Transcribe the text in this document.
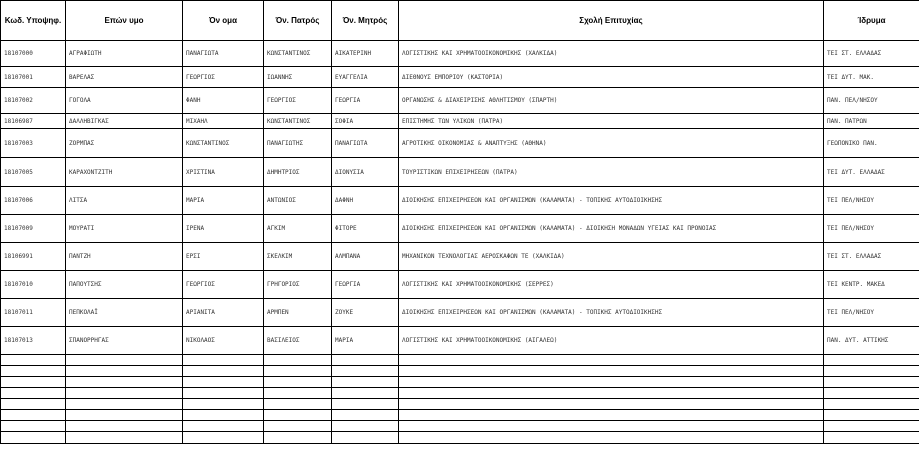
Κωδ. Υποψηφ.	Επών υμο	Όν ομα	Όν. Πατρός	Όν. Μητρός	Σχολή Επιτυχίας	Ίδρυμα
18107000	ΑΓΡΑΦΙΩΤΗ	ΠΑΝΑΓΙΩΤΑ	ΚΩΝΣΤΑΝΤΙΝΟΣ	ΑΙΚΑΤΕΡΙΝΗ	ΛΟΓΙΣΤΙΚΗΣ ΚΑΙ ΧΡΗΜΑΤΟΟΙΚΟΝΟΜΙΚΗΣ (ΧΑΛΚΙΔΑ)	ΤΕΙ ΣΤ. ΕΛΛΑΔΑΣ
18107001	ΒΑΡΕΛΑΣ	ΓΕΩΡΓΙΟΣ	ΙΩΑΝΝΗΣ	ΕΥΑΓΓΕΛΙΑ	ΔΙΕΘΝΟΥΣ ΕΜΠΟΡΙΟΥ (ΚΑΣΤΟΡΙΑ)	ΤΕΙ ΔΥΤ. ΜΑΚ.
18107002	ΓΟΓΟΛΑ	ΦΑΝΗ	ΓΕΩΡΓΙΟΣ	ΓΕΩΡΓΙΑ	ΟΡΓΑΝΩΣΗΣ & ΔΙΑΧΕΙΡΙΣΗΣ ΑΘΛΗΤΙΣΜΟΥ (ΣΠΑΡΤΗ)	ΠΑΝ. ΠΕΛ/ΝΗΣΟΥ
18106987	ΔΑΛΛΗΒΙΓΚΑΣ	ΜΙΧΑΗΛ	ΚΩΝΣΤΑΝΤΙΝΟΣ	ΣΟΦΙΑ	ΕΠΙΣΤΗΜΗΣ ΤΩΝ ΥΛΙΚΩΝ (ΠΑΤΡΑ)	ΠΑΝ. ΠΑΤΡΩΝ
18107003	ΖΟΡΜΠΑΣ	ΚΩΝΣΤΑΝΤΙΝΟΣ	ΠΑΝΑΓΙΩΤΗΣ	ΠΑΝΑΓΙΩΤΑ	ΑΓΡΟΤΙΚΗΣ ΟΙΚΟΝΟΜΙΑΣ & ΑΝΑΠΤΥΞΗΣ (ΑΘΗΝΑ)	ΓΕΩΠΟΝΙΚΟ ΠΑΝ.
18107005	ΚΑΡΑΧΟΝΤΖΙΤΗ	ΧΡΙΣΤΙΝΑ	ΔΗΜΗΤΡΙΟΣ	ΔΙΟΝΥΣΙΑ	ΤΟΥΡΙΣΤΙΚΩΝ ΕΠΙΧΕΙΡΗΣΕΩΝ (ΠΑΤΡΑ)	ΤΕΙ ΔΥΤ. ΕΛΛΑΔΑΣ
18107006	ΛΙΤΣΑ	ΜΑΡΙΑ	ΑΝΤΩΝΙΟΣ	ΔΑΦΝΗ	ΔΙΟΙΚΗΣΗΣ ΕΠΙΧΕΙΡΗΣΕΩΝ ΚΑΙ ΟΡΓΑΝΙΣΜΩΝ (ΚΑΛΑΜΑΤΑ) - ΤΟΠΙΚΗΣ ΑΥΤΟΔΙΟΙΚΗΣΗΣ	ΤΕΙ ΠΕΛ/ΝΗΣΟΥ
18107009	ΜΟΥΡΑΤΙ	ΙΡΕΝΑ	ΑΓΚΙΜ	ΦΙΤΟΡΕ	ΔΙΟΙΚΗΣΗΣ ΕΠΙΧΕΙΡΗΣΕΩΝ ΚΑΙ ΟΡΓΑΝΙΣΜΩΝ (ΚΑΛΑΜΑΤΑ) - ΔΙΟΙΚΗΣΗ ΜΟΝΑΔΩΝ ΥΓΕΙΑΣ ΚΑΙ ΠΡΟΝΟΙΑΣ	ΤΕΙ ΠΕΛ/ΝΗΣΟΥ
18106991	ΠΑΝΤΖΗ	ΕΡΣΙ	ΣΚΕΛΚΙΜ	ΑΛΜΠΑΝΑ	ΜΗΧΑΝΙΚΩΝ ΤΕΧΝΟΛΟΓΙΑΣ ΑΕΡΟΣΚΑΦΩΝ ΤΕ (ΧΑΛΚΙΔΑ)	ΤΕΙ ΣΤ. ΕΛΛΑΔΑΣ
18107010	ΠΑΠΟΥΤΣΗΣ	ΓΕΩΡΓΙΟΣ	ΓΡΗΓΟΡΙΟΣ	ΓΕΩΡΓΙΑ	ΛΟΓΙΣΤΙΚΗΣ ΚΑΙ ΧΡΗΜΑΤΟΟΙΚΟΝΟΜΙΚΗΣ (ΣΕΡΡΕΣ)	ΤΕΙ ΚΕΝΤΡ. ΜΑΚΕΔ
18107011	ΠΕΠΚΟΛΑΪ	ΑΡΙΑΝΙΤΑ	ΑΡΜΠΕΝ	ΖΟΥΚΕ	ΔΙΟΙΚΗΣΗΣ ΕΠΙΧΕΙΡΗΣΕΩΝ ΚΑΙ ΟΡΓΑΝΙΣΜΩΝ (ΚΑΛΑΜΑΤΑ) - ΤΟΠΙΚΗΣ ΑΥΤΟΔΙΟΙΚΗΣΗΣ	ΤΕΙ ΠΕΛ/ΝΗΣΟΥ
18107013	ΣΠΑΝΟΡΡΗΓΑΣ	ΝΙΚΟΛΑΟΣ	ΒΑΣΙΛΕΙΟΣ	ΜΑΡΙΑ	ΛΟΓΙΣΤΙΚΗΣ ΚΑΙ ΧΡΗΜΑΤΟΟΙΚΟΝΟΜΙΚΗΣ (ΑΙΓΑΛΕΩ)	ΠΑΝ. ΔΥΤ. ΑΤΤΙΚΗΣ
